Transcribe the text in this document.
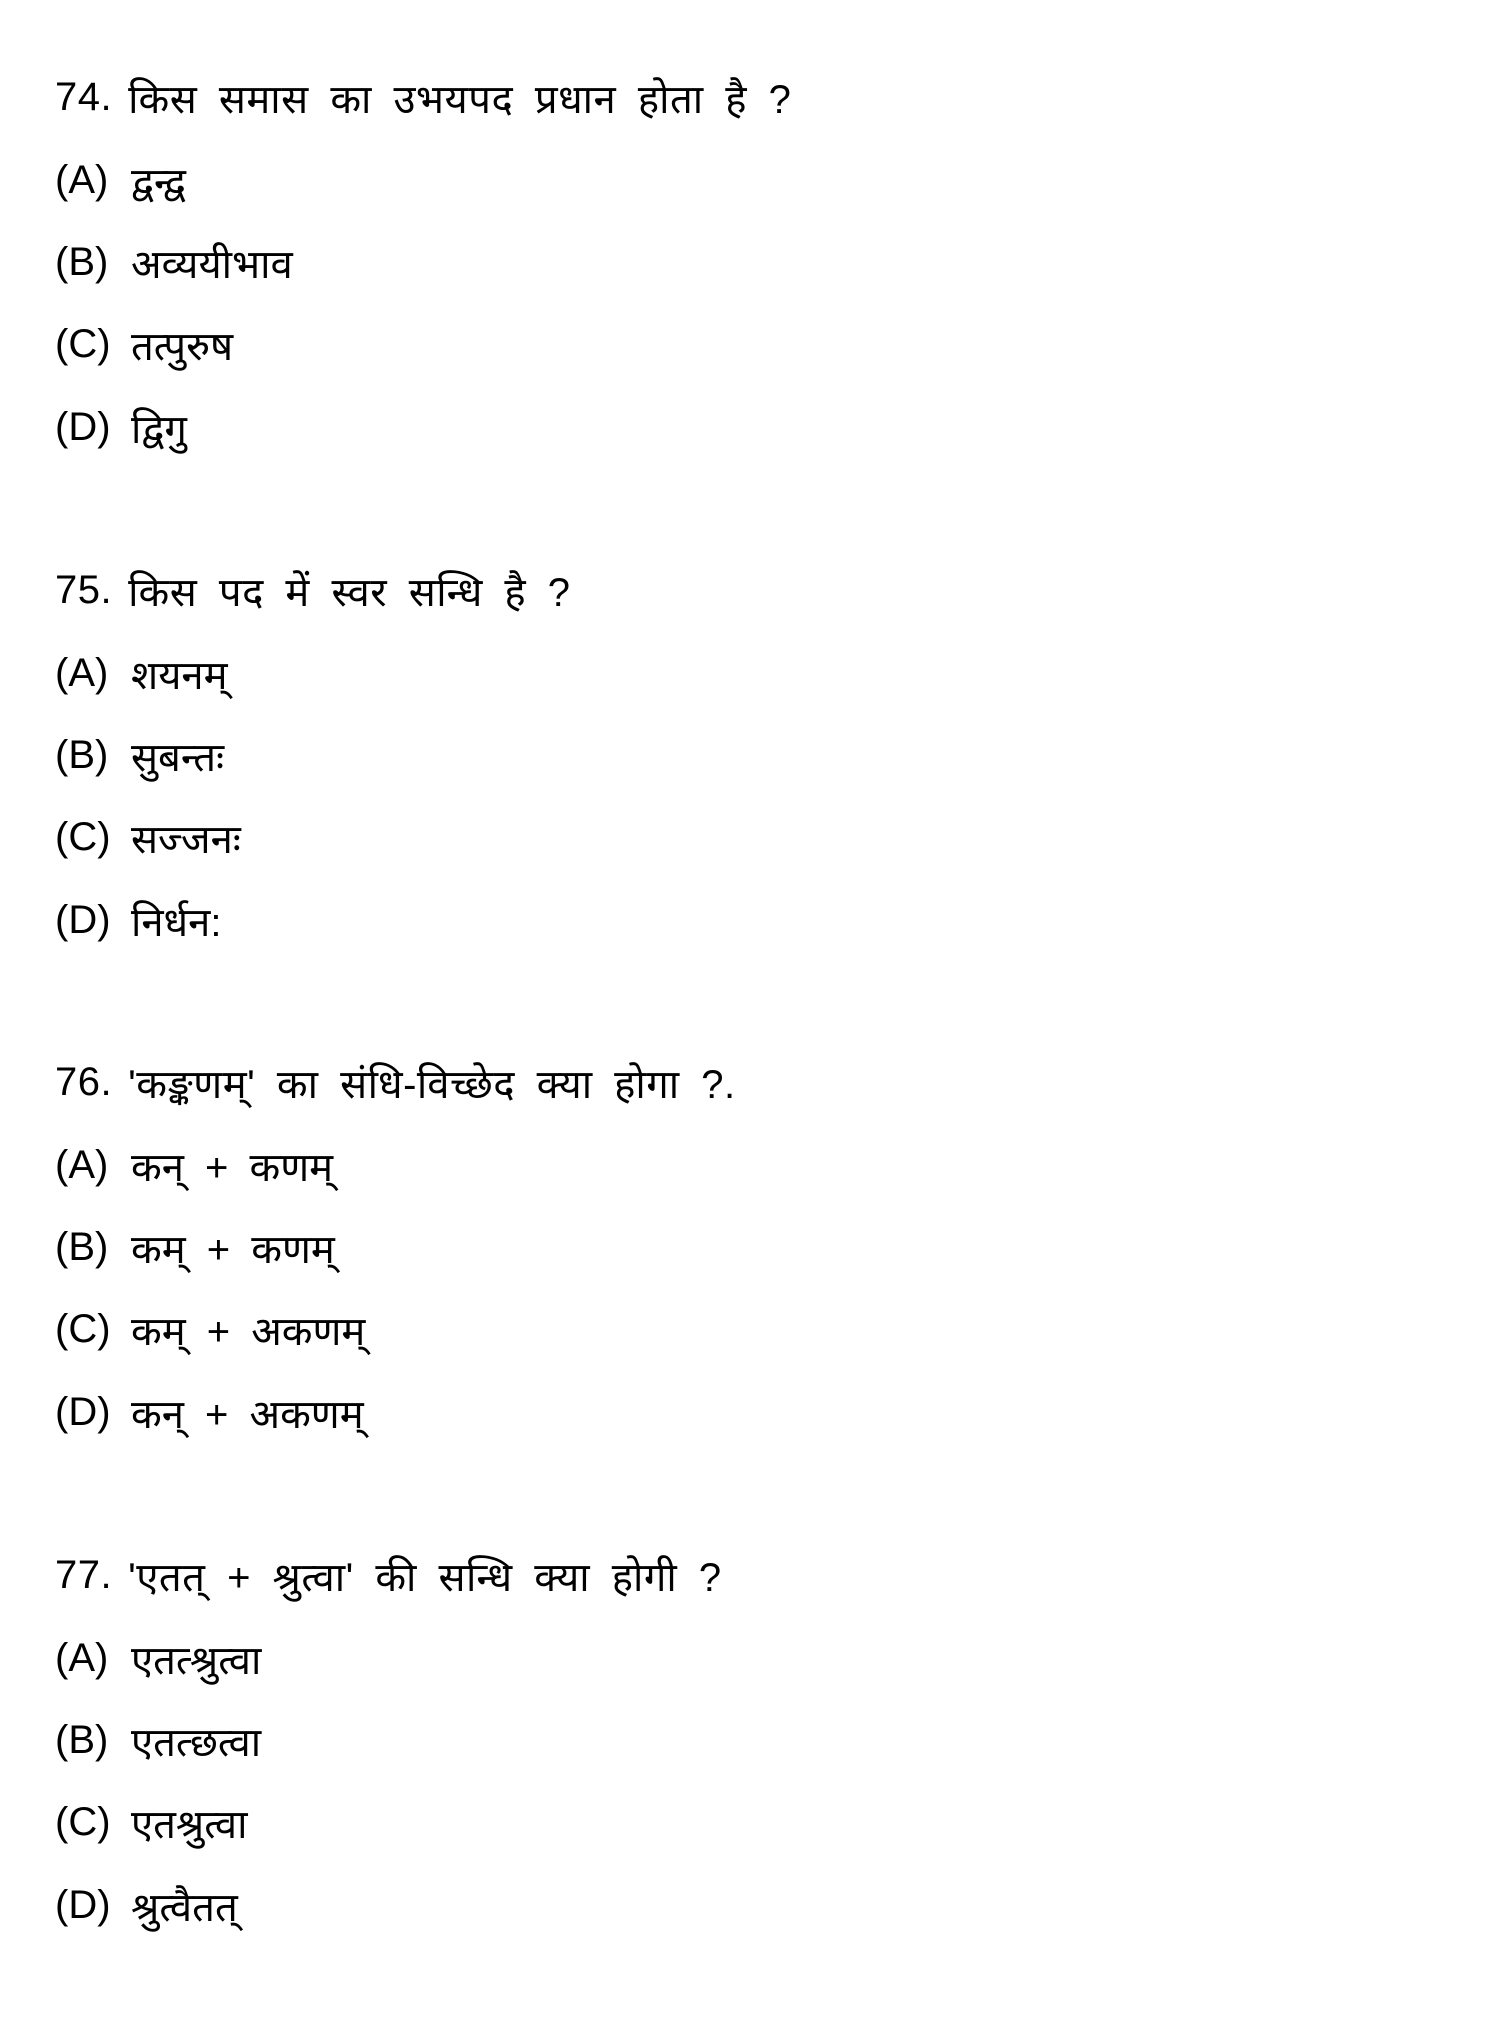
74. किस समास का उभयपद प्रधान होता है ?
(A) द्वन्द्व
(B) अव्ययीभाव
(C) तत्पुरुष
(D) द्विगु
75. किस पद में स्वर सन्धि है ?
(A) शयनम्
(B) सुबन्तः
(C) सज्जनः
(D) निर्धन:
76. 'कङ्कणम्' का संधि-विच्छेद क्या होगा ?.
(A) कन् + कणम्
(B) कम् + कणम्
(C) कम् + अकणम्
(D) कन् + अकणम्
77. 'एतत् + श्रुत्वा' की सन्धि क्या होगी ?
(A) एतत्श्रुत्वा
(B) एतत्छत्वा
(C) एतश्रुत्वा
(D) श्रुत्वैतत्
